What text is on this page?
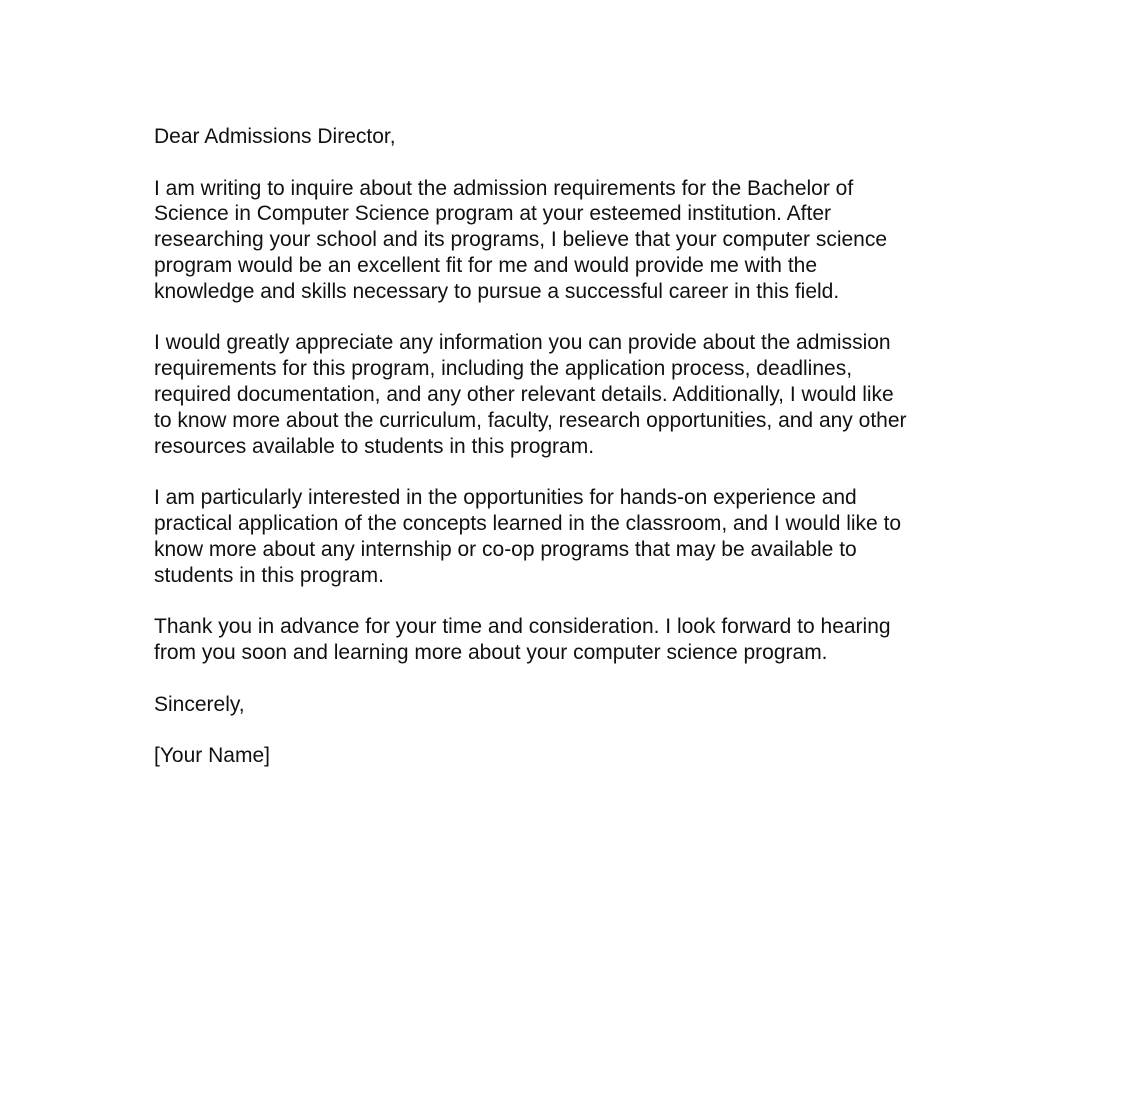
Dear Admissions Director,

I am writing to inquire about the admission requirements for the Bachelor of
Science in Computer Science program at your esteemed institution. After
researching your school and its programs, I believe that your computer science
program would be an excellent fit for me and would provide me with the
knowledge and skills necessary to pursue a successful career in this field.

I would greatly appreciate any information you can provide about the admission
requirements for this program, including the application process, deadlines,
required documentation, and any other relevant details. Additionally, I would like
to know more about the curriculum, faculty, research opportunities, and any other
resources available to students in this program.

I am particularly interested in the opportunities for hands-on experience and
practical application of the concepts learned in the classroom, and I would like to
know more about any internship or co-op programs that may be available to
students in this program.

Thank you in advance for your time and consideration. I look forward to hearing
from you soon and learning more about your computer science program.

Sincerely,

[Your Name]
